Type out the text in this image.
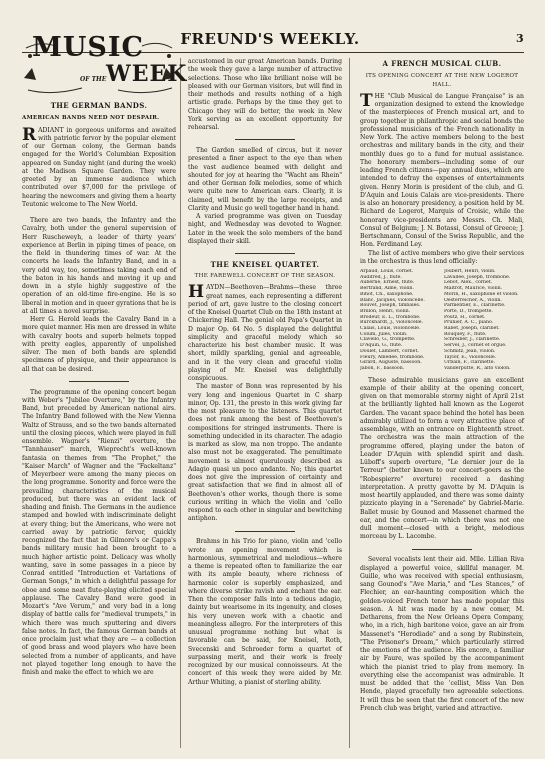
FREUND'S WEEKLY.	3
MUSIC
OF THE WEEK
THE GERMAN BANDS.
AMERICAN BANDS NEED NOT DESPAIR.

RADIANT in gorgeous uniforms and awaited with patriotic fervor by the popular element of our German colony, the German bands engaged for the World's Columbian Exposition appeared on Sunday night (and during the week) at the Madison Square Garden. They were greeted by an immense audience which contributed over $7,000 for the privilege of hearing the newcomers and giving them a hearty Teutonic welcome to The New World.

There are two bands, the Infantry and the Cavalry, both under the general supervision of Herr Ruscheweyh, a leader of thirty years' experience at Berlin in piping times of peace, on the field in thundering times of war. At the concerts he leads the Infantry Band, and in a very odd way, too, sometimes taking each end of the baton in his hands and moving it up and down in a style highly suggestive of the operation of an old-time fire-engine. He is so liberal in motion and in queer gyrations that he is at all times a novel surprise.

Herr G. Herold leads the Cavalry Band in a more quiet manner. His men are dressed in white with cavalry boots and superb helmets topped with pretty eagles, apparently of unpolished silver. The men of both bands are splendid specimens of physique, and their appearance is all that can be desired.

The programme of the opening concert began with Weber's "Jubilee Overture," by the Infantry Band, but preceded by American national airs. The Infantry Band followed with the New Vienna Waltz of Strauss, and so the two bands alternated until the closing pieces, which were played in full ensemble. Wagner's "Rienzi" overture, the "Tannhauser" march, Wieprecht's well-known fantasia on themes from "The Prophet," the "Kaiser March" of Wagner and the "Fackeltanz" of Meyerbeer were among the many pieces on the long programme. Sonority and force were the prevailing characteristics of the musical produced, but there was an evident lack of shading and finish. The Germans in the audience stamped and bowled with indiscriminate delight at every thing; but the Americans, who were not carried away by patriotic fervor, quickly recognized the fact that in Gilmore's or Cappa's bands military music had been brought to a much higher artistic point. Delicacy was wholly wanting, save in some passages in a piece by Conrad entitled "Introduction et Variations of German Songs," in which a delightful passage for oboe and some neat flute-playing elicited special applause. The Cavalry Band were good in Mozart's "Ave Verum," and very bad in a long display of battle calls for "medieval trumpets," in which there was much sputtering and divers false notes. In fact, the famous German bands at once proclaim just what they are — a collection of good brass and wood players who have been selected from a number of applicants, and have not played together long enough to have the finish and make the effect to which we are

accustomed in our great American bands. During the week they gave a large number of attractive selections. Those who like brilliant noise will be pleased with our German visitors, but will find in their methods and results nothing of a high artistic grade. Perhaps by the time they get to Chicago they will do better, the week in New York serving as an excellent opportunity for rehearsal.

The Garden smelled of circus, but it never presented a finer aspect to the eye than when the vast audience beamed with delight and shouted for joy at hearing the "Wacht am Rhein" and other German folk melodies, some of which were quite new to American ears. Clearly, it is claimed, will benefit by the large receipts, and Clarity and Music go well together hand in hand.

A varied programme was given on Tuesday night, and Wednesday was devoted to Wagner. Later in the week the solo members of the band displayed their skill.

THE KNEISEL QUARTET.
THE FAREWELL CONCERT OF THE SEASON.

HAYDN—Beethoven—Brahms—these three great names, each representing a different period of art, gave lustre to the closing concert of the Kneisel Quartet Club on the 18th instant at Chickering Hall. The genial old Papa's Quartet in D major Op. 64 No. 5 displayed the delightful simplicity and graceful melody which so characterize his best chamber music. It was short, mildly sparkling, genial and agreeable, and in it the very clean and graceful violin playing of Mr. Kneisel was delightfully conspicuous.

The master of Bonn was represented by his very long and ingenious Quartet in C sharp minor, Op. 131, the presto in this work giving far the most pleasure to the listeners. This quartet does not rank among the best of Beethoven's compositions for stringed instruments. There is something undecided in its character. The adagio is marked as slow, ma non troppo. The andante also must not be exaggerated. The penultimate movement is almost querulously described as Adagio quasi un poco andante. No; this quartet does not give the impression of certainty and great satisfaction that we find in almost all of Beethoven's other works, though there is some curious writing in which the violin and 'cello respond to each other in singular and bewitching antiphon.

Brahms in his Trio for piano, violin and 'cello wrote an opening movement which is harmonious, symmetrical and melodious—where a theme is repeated often to familiarize the ear with its ample beauty, where richness of harmonic color is superbly emphasized, and where diverse strike ravish and enchant the ear. Then the composer falls into a tedious adagio, dainty but wearisome in its ingenuity, and closes his very uneven work with a chaotic and meaningless allegro. For the interpreters of this unusual programme nothing but what is favorable can be said, for Kneisel, Roth, Svecenski and Schroeder form a quartet of surpassing merit, and their work is freely recognized by our musical connoisseurs. At the concert of this week they were aided by Mr. Arthur Whiting, a pianist of sterling ability.

A FRENCH MUSICAL CLUB.
ITS OPENING CONCERT AT THE NEW LOGEROT HALL.

THE "Club Musical de Langue Française" is an organization designed to extend the knowledge of the masterpieces of French musical art, and to group together in philanthropic and social bonds the professional musicians of the French nationality in New York. The active members belong to the best orchestras and military bands in the city, and their monthly dues go to a fund for mutual assistance. The honorary members—including some of our leading French citizens—pay annual dues, which are intended to defray the expenses of entertainments given. Henry Morin is president of the club, and G. D'Aquin and Louis Calais are vice-presidents. There is also an honorary presidency, a position held by M. Richard de Logerot, Marquis of Croisic, while the honorary vice-presidents are Messrs. Ch. Mali, Consul of Belgium; J. N. Botassi, Consul of Greece; J. Bertschmann, Consul of the Swiss Republic, and the Hon. Ferdinand Ley.

The list of active members who give their services in the orchestra is thus lend officially:

Arpaud, Louis, cornet.
Audifred, J., flute.
Auberne, Ernest, flute.
Bertrand, Aimé, violin.
Bihot, Ch., saxophone.
Blanc, Jacques, violoncelle.
Bouvet, Joseph, timbales.
Brillon, Henri, violin.
Brodeur, E. L., trombone.
Burckhardt, J., violoncelle.
Calais, Louis, violoncelle.
Colum, Jules, violin.
Clavello, G., trompette.
D'Aquin, G., flute.
Doulet, Lambert, cornet.
Fleury, Amédée, trombone.
Girard, Auguste, bassoon.
Jabon, F., bassoon.
Joubert, Henri, violin.
Lavallée, Joseph, trombone.
Lebot, Alex., cornet.
Maitrot, Maurice, violin.
Morin, H., saxophone et violon.
Oesterreicher, A., violin.
Parmentier, E., clarinette.
Porte, D., trompette.
Poutz, H., cornet.
Prunier, A. C., piano.
Rabet, Joseph, clarinet.
Rouquey, F., flute.
Schreiber, J., clarinette.
Servel, J., cornet et orgue.
Schmitz, Jean, violon.
Taylor, E., violoncelle.
Urbain, F., clarinette.
Vanderpütte, R., alto violon.

These admirable musicians gave an excellent example of their ability at the opening concert, given on that memorable stormy night of April 21st at the brilliantly lighted hall known as the Logerot Garden. The vacant space behind the hotel has been admirably utilized to form a very attractive place of assemblage, with an entrance on Eighteenth street. The orchestra was the main attraction of the programme offered, playing under the baton of Leader D'Aquin with splendid spirit and dash. Lüboff's superb overture, "Le dernier jour de la Terreur" (better known to our concert-goers as the "Robespierre" overture) received a dashing interpretation. A pretty gavotte by M. D'Aquin is most heartily applauded, and there was some dainty pizzicato playing in a "Serenade" by Gabriel-Marie. Ballet music by Gounod and Massenet charmed the ear, and the concert—in which there was not one dull moment—closed with a bright, melodious morceau by L. Lacombe.

Several vocalists lent their aid. Mlle. Lillian Riva displayed a powerful voice, skillful manager. M. Guille, who was received with special enthusiasm, sang Gounod's "Ave Maria," and "Les Stances," of Flechier, an ear-haunting composition which the golden-voiced French tenor has made popular this season. A hit was made by a new comer, M. Detharens, from the New Orleans Opera Company, who, in a rich, high baritone voice, gave an air from Massenet's "Herodiade" and a song by Rubinstein, "The Prisoner's Dream," which particularly stirred the emotions of the audience. His encore, a familiar air by Faure, was spoiled by the accompaniment which the pianist tried to play from memory. In everything else the accompanist was admirable. It must be added that the 'cellist, Miss Van Den Hende, played gracefully two agreeable selections. It will thus be seen that the first concert of the new French club was bright, varied and attractive.
